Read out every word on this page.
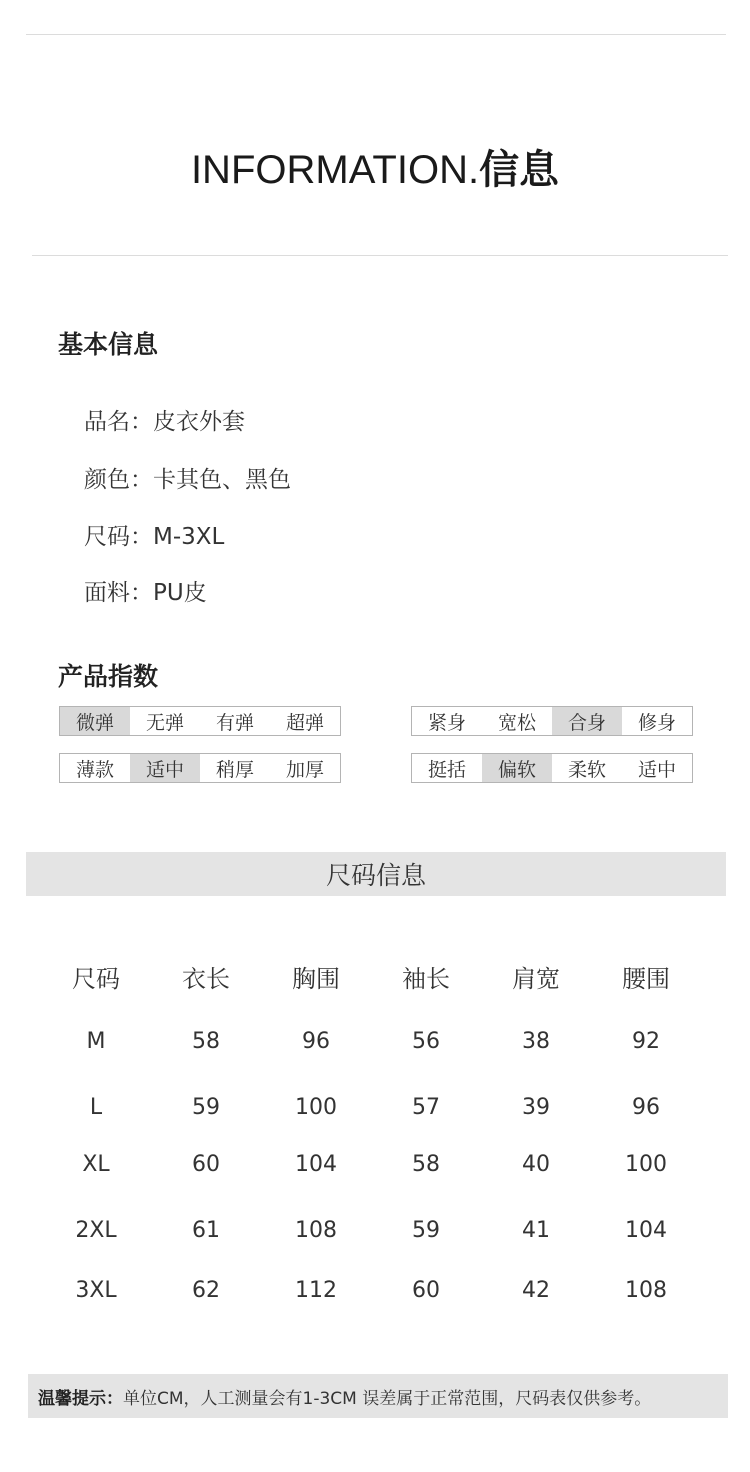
INFORMATION.信息
基本信息
品名：皮衣外套
颜色：卡其色、黑色
尺码：M-3XL
面料：PU皮
产品指数
微弹	无弹	有弹	超弹	紧身	宽松	合身	修身
薄款	适中	稍厚	加厚	挺括	偏软	柔软	适中
尺码信息
尺码	衣长	胸围	袖长	肩宽	腰围
M	58	96	56	38	92
L	59	100	57	39	96
XL	60	104	58	40	100
2XL	61	108	59	41	104
3XL	62	112	60	42	108
温馨提示： 单位CM，人工测量会有1-3CM 误差属于正常范围，尺码表仅供参考。
